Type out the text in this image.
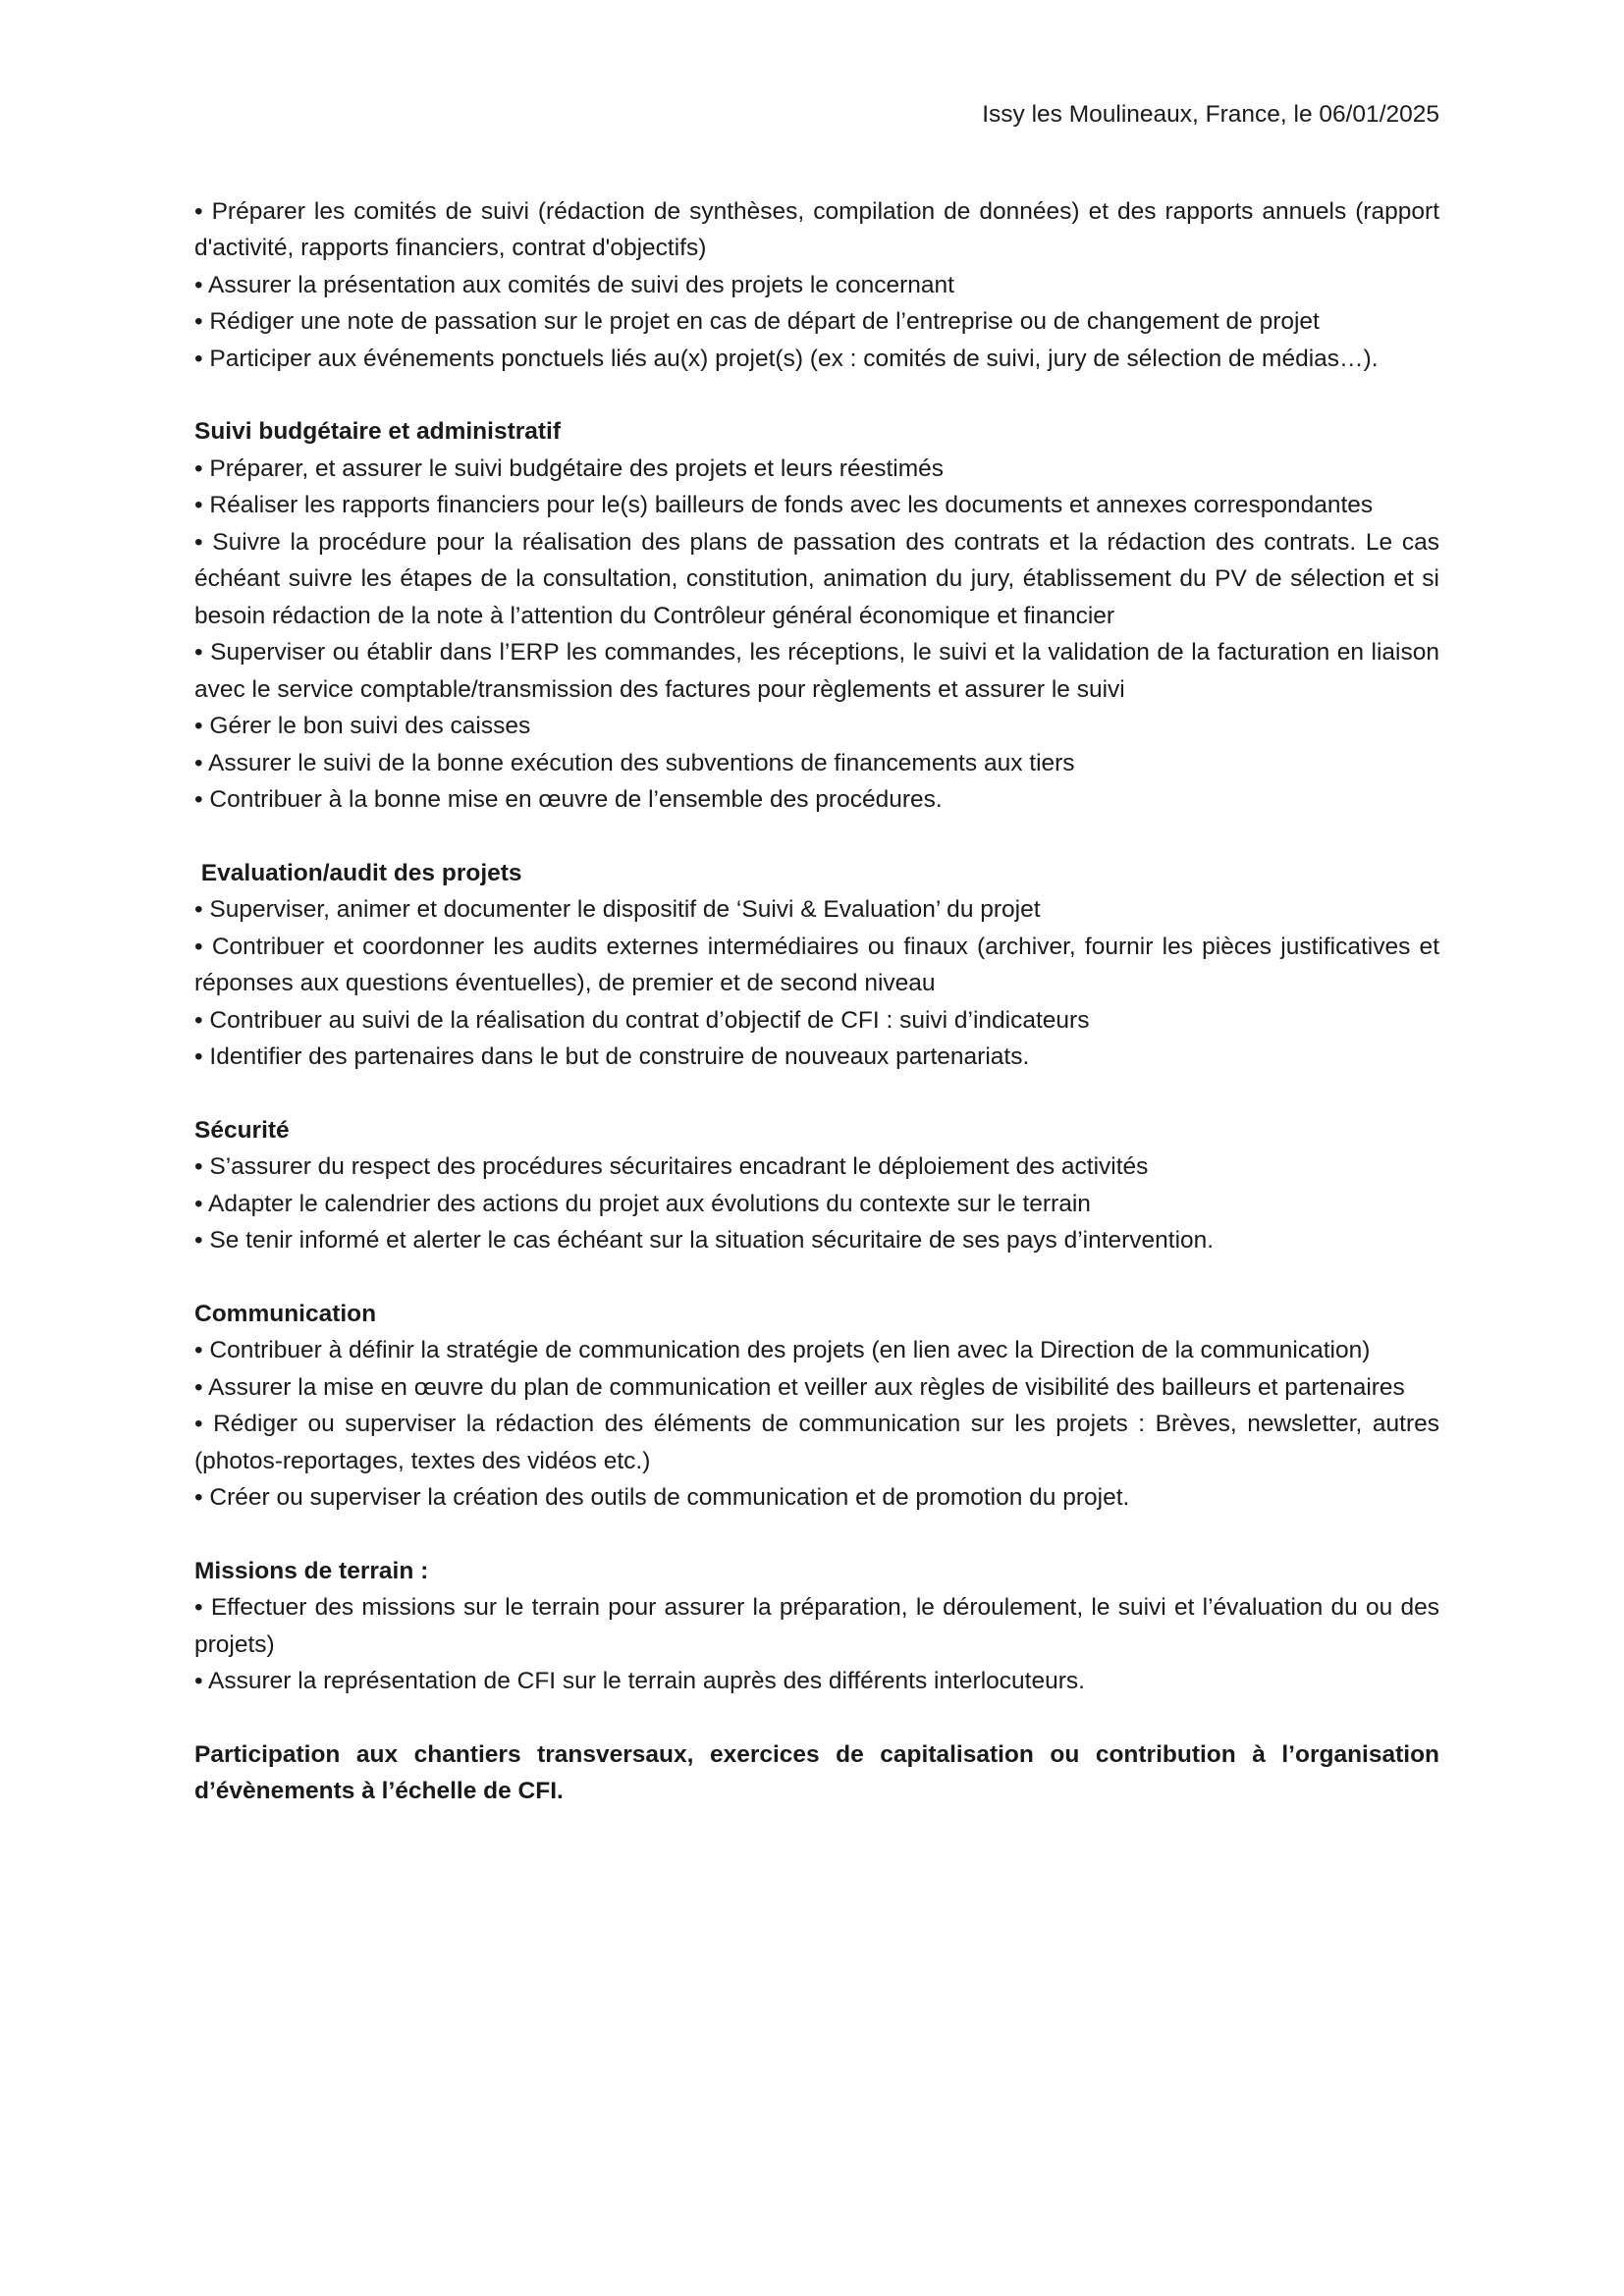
Issy les Moulineaux, France, le 06/01/2025

• Préparer les comités de suivi (rédaction de synthèses, compilation de données) et des rapports annuels (rapport d'activité, rapports financiers, contrat d'objectifs)

• Assurer la présentation aux comités de suivi des projets le concernant

• Rédiger une note de passation sur le projet en cas de départ de l’entreprise ou de changement de projet

• Participer aux événements ponctuels liés au(x) projet(s) (ex : comités de suivi, jury de sélection de médias…).

Suivi budgétaire et administratif

• Préparer, et assurer le suivi budgétaire des projets et leurs réestimés

• Réaliser les rapports financiers pour le(s) bailleurs de fonds avec les documents et annexes correspondantes

• Suivre la procédure pour la réalisation des plans de passation des contrats et la rédaction des contrats. Le cas échéant suivre les étapes de la consultation, constitution, animation du jury, établissement du PV de sélection et si besoin rédaction de la note à l’attention du Contrôleur général économique et financier

• Superviser ou établir dans l’ERP les commandes, les réceptions, le suivi et la validation de la facturation en liaison avec le service comptable/transmission des factures pour règlements et assurer le suivi

• Gérer le bon suivi des caisses

• Assurer le suivi de la bonne exécution des subventions de financements aux tiers

• Contribuer à la bonne mise en œuvre de l’ensemble des procédures.

Evaluation/audit des projets

• Superviser, animer et documenter le dispositif de ‘Suivi & Evaluation’ du projet

• Contribuer et coordonner les audits externes intermédiaires ou finaux (archiver, fournir les pièces justificatives et réponses aux questions éventuelles), de premier et de second niveau

• Contribuer au suivi de la réalisation du contrat d’objectif de CFI : suivi d’indicateurs

• Identifier des partenaires dans le but de construire de nouveaux partenariats.

Sécurité

• S’assurer du respect des procédures sécuritaires encadrant le déploiement des activités

• Adapter le calendrier des actions du projet aux évolutions du contexte sur le terrain

• Se tenir informé et alerter le cas échéant sur la situation sécuritaire de ses pays d’intervention.

Communication

• Contribuer à définir la stratégie de communication des projets (en lien avec la Direction de la communication)

• Assurer la mise en œuvre du plan de communication et veiller aux règles de visibilité des bailleurs et partenaires

• Rédiger ou superviser la rédaction des éléments de communication sur les projets : Brèves, newsletter, autres (photos-reportages, textes des vidéos etc.)

• Créer ou superviser la création des outils de communication et de promotion du projet.

Missions de terrain :

• Effectuer des missions sur le terrain pour assurer la préparation, le déroulement, le suivi et l’évaluation du ou des projets)

• Assurer la représentation de CFI sur le terrain auprès des différents interlocuteurs.

Participation aux chantiers transversaux, exercices de capitalisation ou contribution à l’organisation d’évènements à l’échelle de CFI.
